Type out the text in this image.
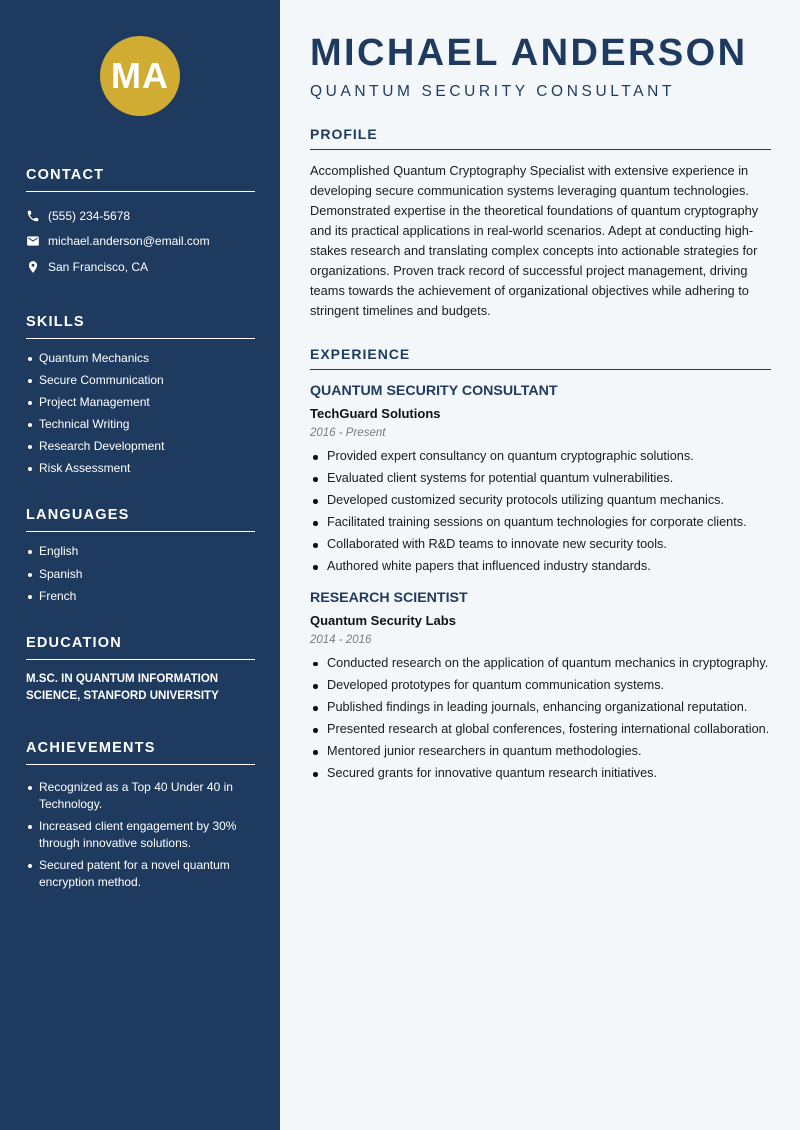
MA
CONTACT
(555) 234-5678
michael.anderson@email.com
San Francisco, CA
SKILLS
Quantum Mechanics
Secure Communication
Project Management
Technical Writing
Research Development
Risk Assessment
LANGUAGES
English
Spanish
French
EDUCATION

M.SC. IN QUANTUM INFORMATION SCIENCE, STANFORD UNIVERSITY

ACHIEVEMENTS
Recognized as a Top 40 Under 40 in Technology.
Increased client engagement by 30% through innovative solutions.
Secured patent for a novel quantum encryption method.
MICHAEL ANDERSON
QUANTUM SECURITY CONSULTANT
PROFILE

Accomplished Quantum Cryptography Specialist with extensive experience in developing secure communication systems leveraging quantum technologies. Demonstrated expertise in the theoretical foundations of quantum cryptography and its practical applications in real-world scenarios. Adept at conducting high-stakes research and translating complex concepts into actionable strategies for organizations. Proven track record of successful project management, driving teams towards the achievement of organizational objectives while adhering to stringent timelines and budgets.

EXPERIENCE
QUANTUM SECURITY CONSULTANT
TechGuard Solutions
2016 - Present
Provided expert consultancy on quantum cryptographic solutions.
Evaluated client systems for potential quantum vulnerabilities.
Developed customized security protocols utilizing quantum mechanics.
Facilitated training sessions on quantum technologies for corporate clients.
Collaborated with R&D teams to innovate new security tools.
Authored white papers that influenced industry standards.
RESEARCH SCIENTIST
Quantum Security Labs
2014 - 2016
Conducted research on the application of quantum mechanics in cryptography.
Developed prototypes for quantum communication systems.
Published findings in leading journals, enhancing organizational reputation.
Presented research at global conferences, fostering international collaboration.
Mentored junior researchers in quantum methodologies.
Secured grants for innovative quantum research initiatives.
